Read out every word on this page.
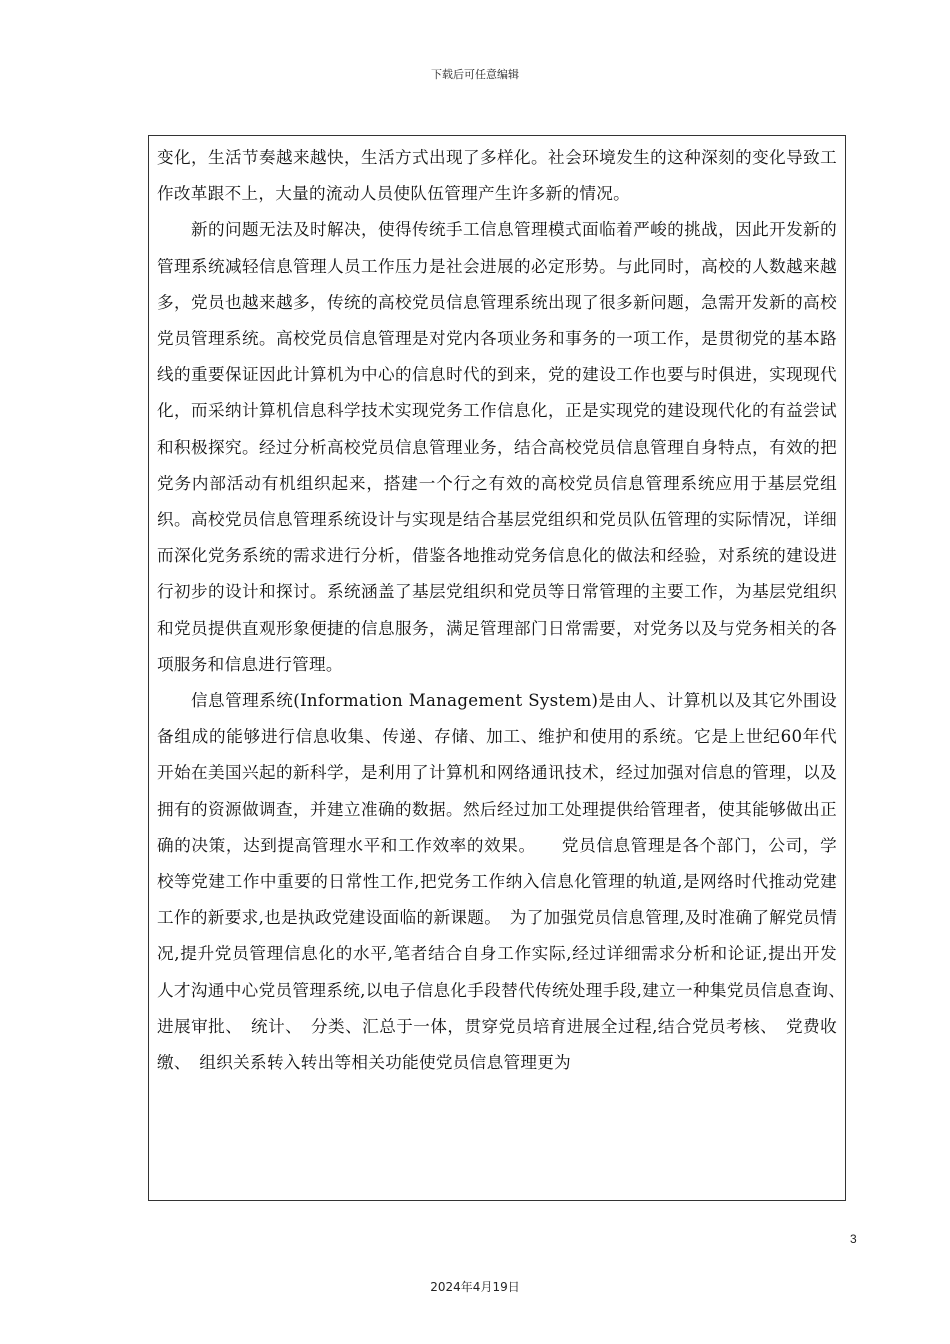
下载后可任意编辑

变化，生活节奏越来越快，生活方式出现了多样化。社会环境发生的这种深刻的变化导致工作改革跟不上，大量的流动人员使队伍管理产生许多新的情况。

新的问题无法及时解决，使得传统手工信息管理模式面临着严峻的挑战，因此开发新的管理系统减轻信息管理人员工作压力是社会进展的必定形势。与此同时，高校的人数越来越多，党员也越来越多，传统的高校党员信息管理系统出现了很多新问题，急需开发新的高校党员管理系统。高校党员信息管理是对党内各项业务和事务的一项工作，是贯彻党的基本路线的重要保证因此计算机为中心的信息时代的到来，党的建设工作也要与时俱进，实现现代化，而采纳计算机信息科学技术实现党务工作信息化，正是实现党的建设现代化的有益尝试和积极探究。经过分析高校党员信息管理业务，结合高校党员信息管理自身特点，有效的把党务内部活动有机组织起来，搭建一个行之有效的高校党员信息管理系统应用于基层党组织。高校党员信息管理系统设计与实现是结合基层党组织和党员队伍管理的实际情况，详细而深化党务系统的需求进行分析，借鉴各地推动党务信息化的做法和经验，对系统的建设进行初步的设计和探讨。系统涵盖了基层党组织和党员等日常管理的主要工作，为基层党组织和党员提供直观形象便捷的信息服务，满足管理部门日常需要，对党务以及与党务相关的各项服务和信息进行管理。

信息管理系统(Information Management System)是由人、计算机以及其它外围设备组成的能够进行信息收集、传递、存储、加工、维护和使用的系统。它是上世纪60年代开始在美国兴起的新科学，是利用了计算机和网络通讯技术，经过加强对信息的管理，以及拥有的资源做调查，并建立准确的数据。然后经过加工处理提供给管理者，使其能够做出正确的决策，达到提高管理水平和工作效率的效果。　　党员信息管理是各个部门，公司，学校等党建工作中重要的日常性工作,把党务工作纳入信息化管理的轨道,是网络时代推动党建工作的新要求,也是执政党建设面临的新课题。　为了加强党员信息管理,及时准确了解党员情况,提升党员管理信息化的水平,笔者结合自身工作实际,经过详细需求分析和论证,提出开发人才沟通中心党员管理系统,以电子信息化手段替代传统处理手段,建立一种集党员信息查询、　进展审批、　统计、　分类、汇总于一体，贯穿党员培育进展全过程,结合党员考核、　党费收缴、　组织关系转入转出等相关功能使党员信息管理更为

3
2024年4月19日
